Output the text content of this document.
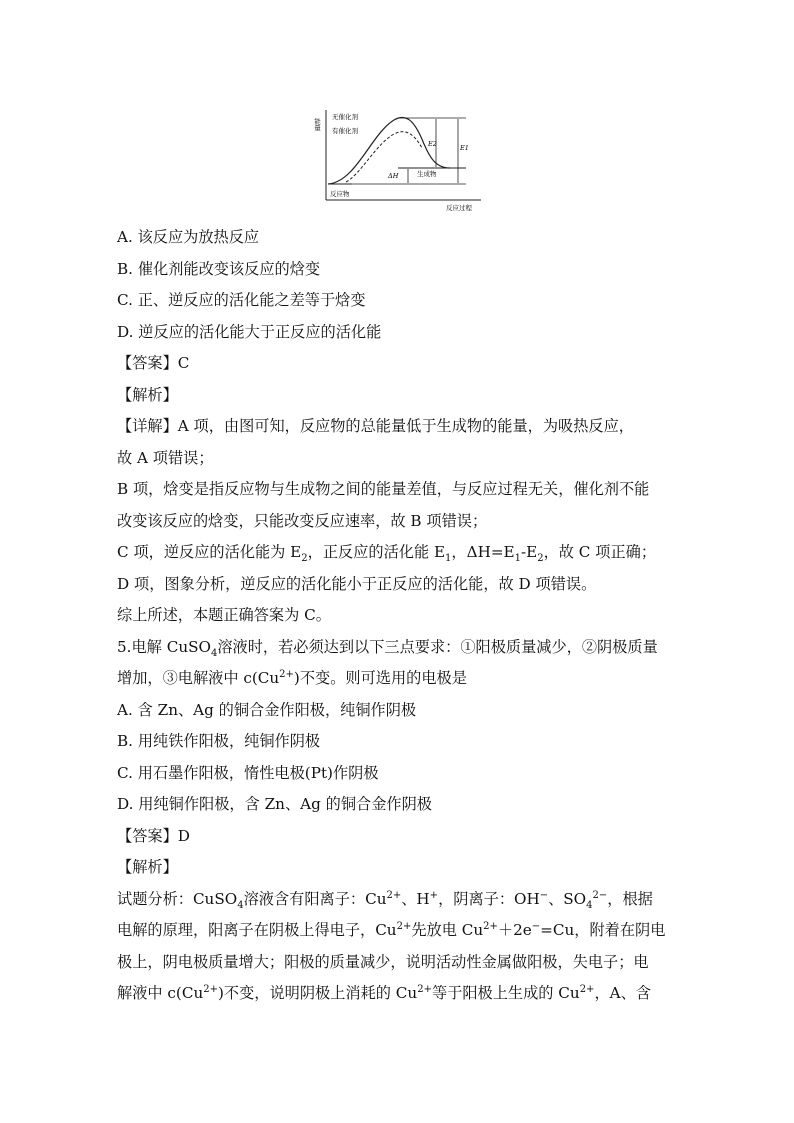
能量
反应过程
无催化剂
有催化剂
反应物
生成物
E2	E1
ΔH
A. 该反应为放热反应
B. 催化剂能改变该反应的焓变
C. 正、逆反应的活化能之差等于焓变
D. 逆反应的活化能大于正反应的活化能
【答案】C
【解析】
【详解】A 项，由图可知，反应物的总能量低于生成物的能量，为吸热反应，
故 A 项错误；
B 项，焓变是指反应物与生成物之间的能量差值，与反应过程无关，催化剂不能
改变该反应的焓变，只能改变反应速率，故 B 项错误；
C 项，逆反应的活化能为 $E_2$，正反应的活化能 $E_1$，$\Delta H=E_1-E_2$，故 C 项正确；
D 项，图象分析，逆反应的活化能小于正反应的活化能，故 D 项错误。
综上所述，本题正确答案为 C。
5.电解 CuSO$_4$溶液时，若必须达到以下三点要求：①阳极质量减少，②阴极质量
增加，③电解液中 $c(Cu^{2+})$不变。则可选用的电极是
A. 含 Zn、Ag 的铜合金作阳极，纯铜作阴极
B. 用纯铁作阳极，纯铜作阴极
C. 用石墨作阳极，惰性电极(Pt)作阴极
D. 用纯铜作阳极，含 Zn、Ag 的铜合金作阴极
【答案】D
【解析】
试题分析：CuSO$_4$溶液含有阳离子：$Cu^{2+}$、H+，阴离子：OH−、$SO_4^{2-}$，根据
电解的原理，阳离子在阴极上得电子，$Cu^{2+}$先放电 $Cu^{2+}+2e^-=Cu$，附着在阴电
极上，阴电极质量增大；阳极的质量减少，说明活动性金属做阳极，失电子；电
解液中 $c(Cu^{2+})$不变，说明阴极上消耗的 $Cu^{2+}$等于阳极上生成的 $Cu^{2+}$，A、含
